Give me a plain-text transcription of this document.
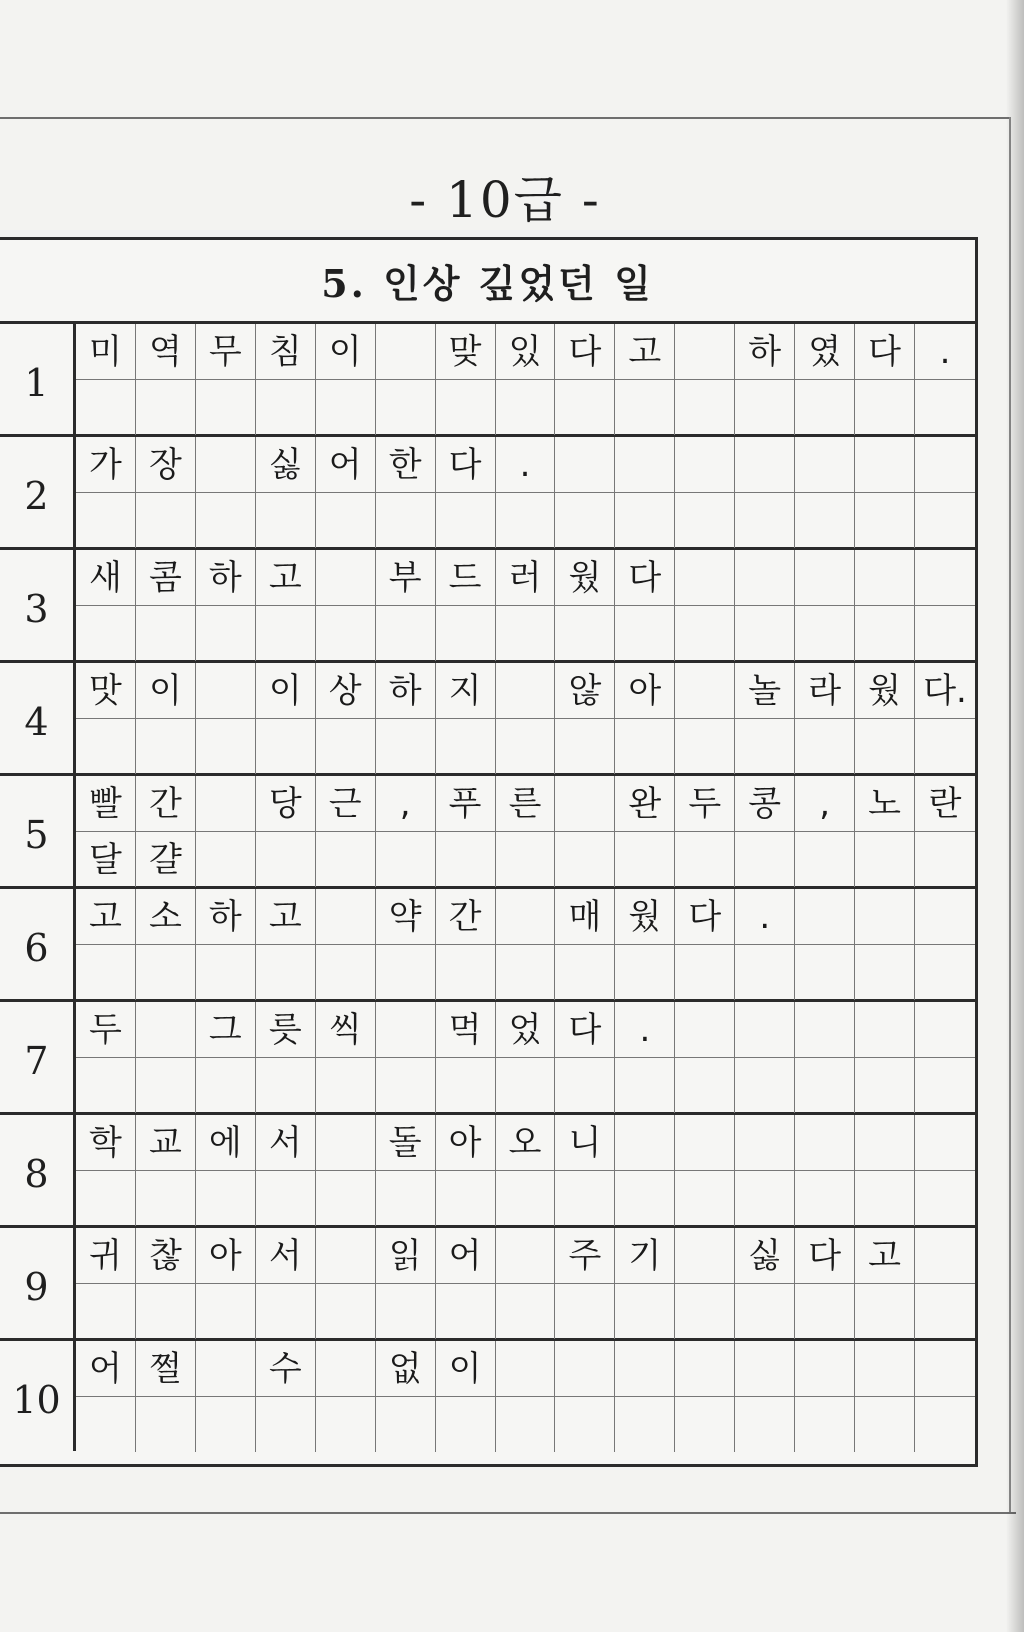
- 10급 -
5. 인상 깊었던 일
1
미 역 무 침 이	맞 있 다 고	하 였 다	.
2
가 장	싫 어 한 다	.
3
새 콤 하 고	부 드 러 웠 다
4
맛 이	이 상 하 지	않 아	놀 라 웠 다.
5
빨 간	당 근	,	푸 른	완 두 콩	,	노 란
달 걀
6
고 소 하 고	약 간	매 웠 다	.
7
두	그 릇 씩	먹 었 다	.
8
학 교 에 서	돌 아 오 니
9
귀 찮 아 서	읽 어	주 기	싫 다 고
10
어 쩔	수	없 이
